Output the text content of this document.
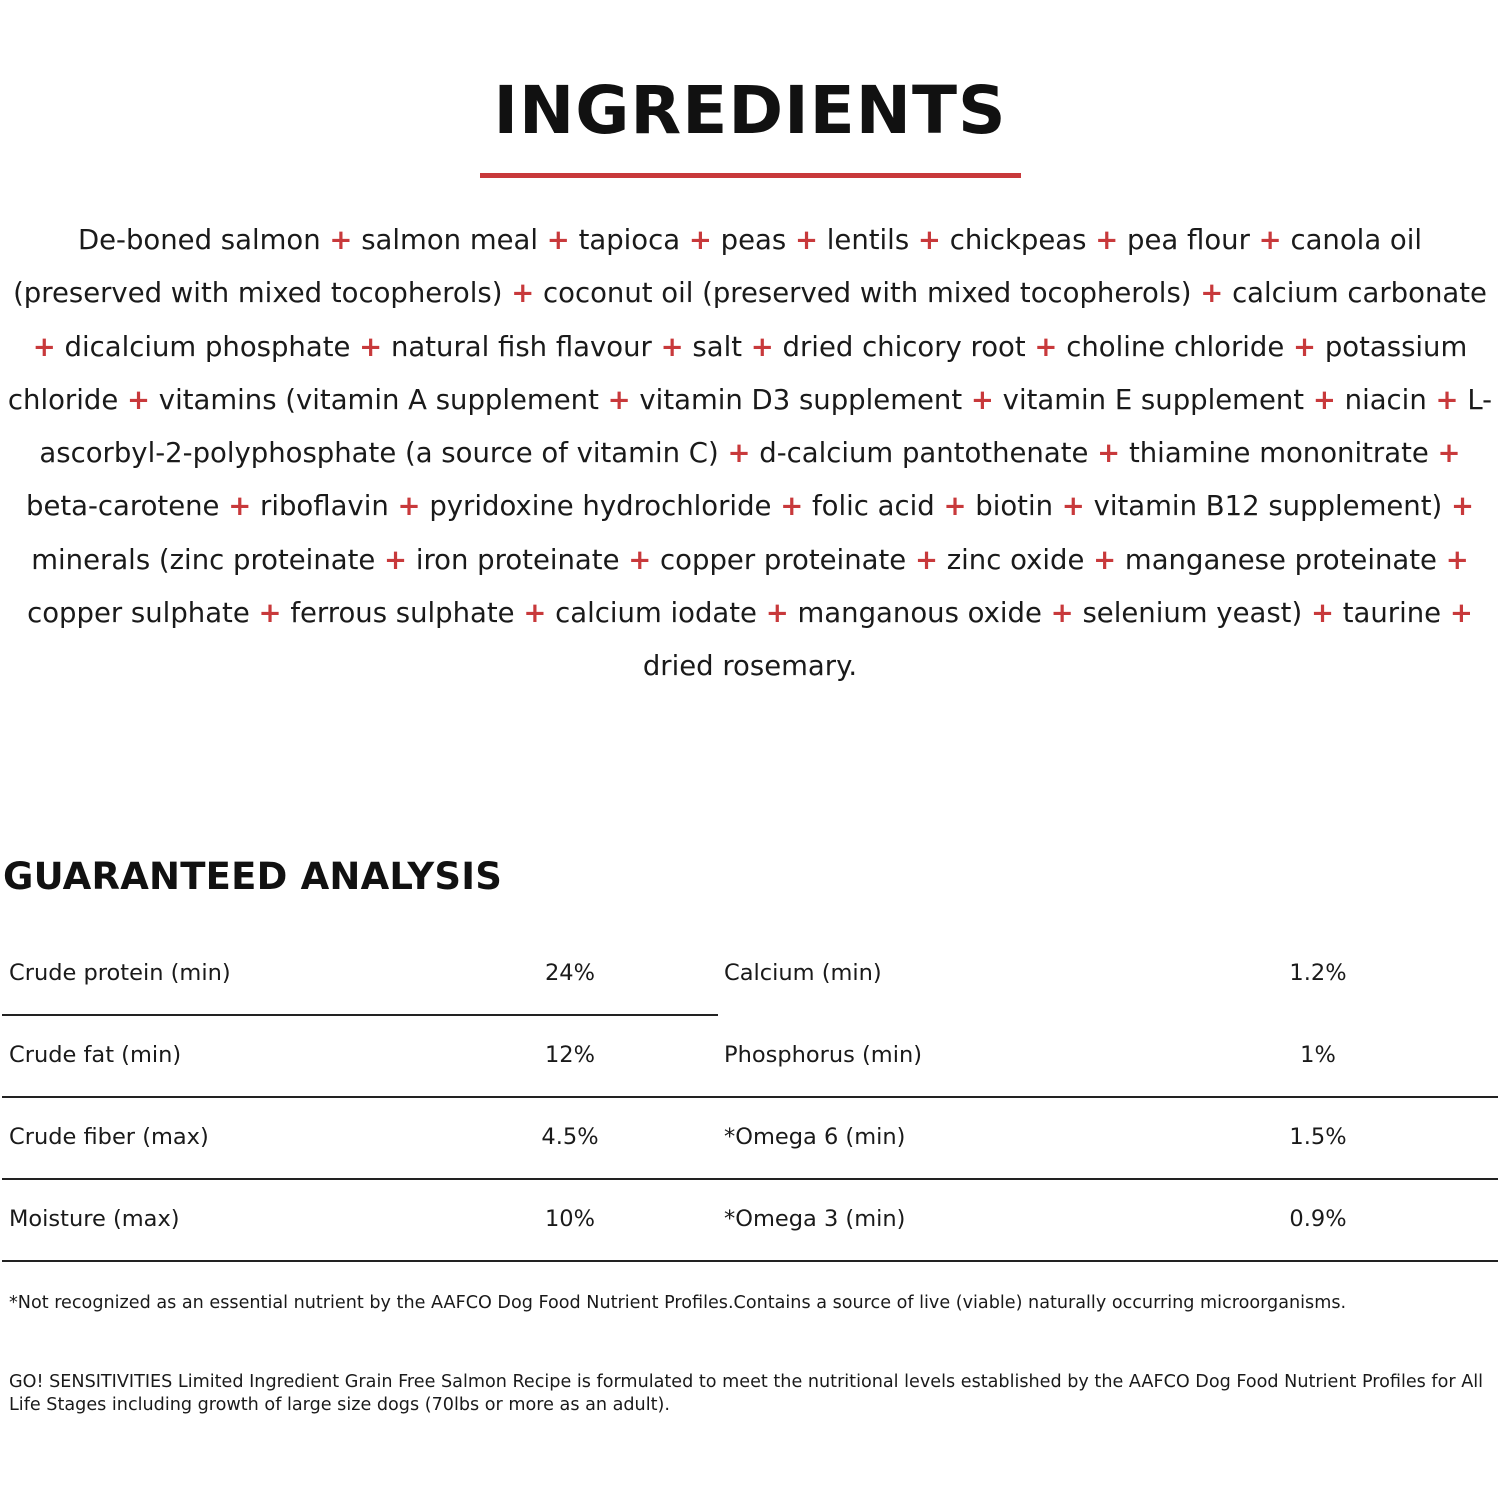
INGREDIENTS

De-boned salmon + salmon meal + tapioca + peas + lentils + chickpeas + pea flour + canola oil (preserved with mixed tocopherols) + coconut oil (preserved with mixed tocopherols) + calcium carbonate + dicalcium phosphate + natural fish flavour + salt + dried chicory root + choline chloride + potassium chloride + vitamins (vitamin A supplement + vitamin D3 supplement + vitamin E supplement + niacin + L-ascorbyl-2-polyphosphate (a source of vitamin C) + d-calcium pantothenate + thiamine mononitrate + beta-carotene + riboflavin + pyridoxine hydrochloride + folic acid + biotin + vitamin B12 supplement) + minerals (zinc proteinate + iron proteinate + copper proteinate + zinc oxide + manganese proteinate + copper sulphate + ferrous sulphate + calcium iodate + manganous oxide + selenium yeast) + taurine + dried rosemary.

GUARANTEED ANALYSIS
Crude protein (min)	24%	Calcium (min)	1.2%
Crude fat (min)	12%	Phosphorus (min)	1%
Crude fiber (max)	4.5%	*Omega 6 (min)	1.5%
Moisture (max)	10%	*Omega 3 (min)	0.9%

*Not recognized as an essential nutrient by the AAFCO Dog Food Nutrient Profiles.Contains a source of live (viable) naturally occurring microorganisms.

GO! SENSITIVITIES Limited Ingredient Grain Free Salmon Recipe is formulated to meet the nutritional levels established by the AAFCO Dog Food Nutrient Profiles for All Life Stages including growth of large size dogs (70lbs or more as an adult).
